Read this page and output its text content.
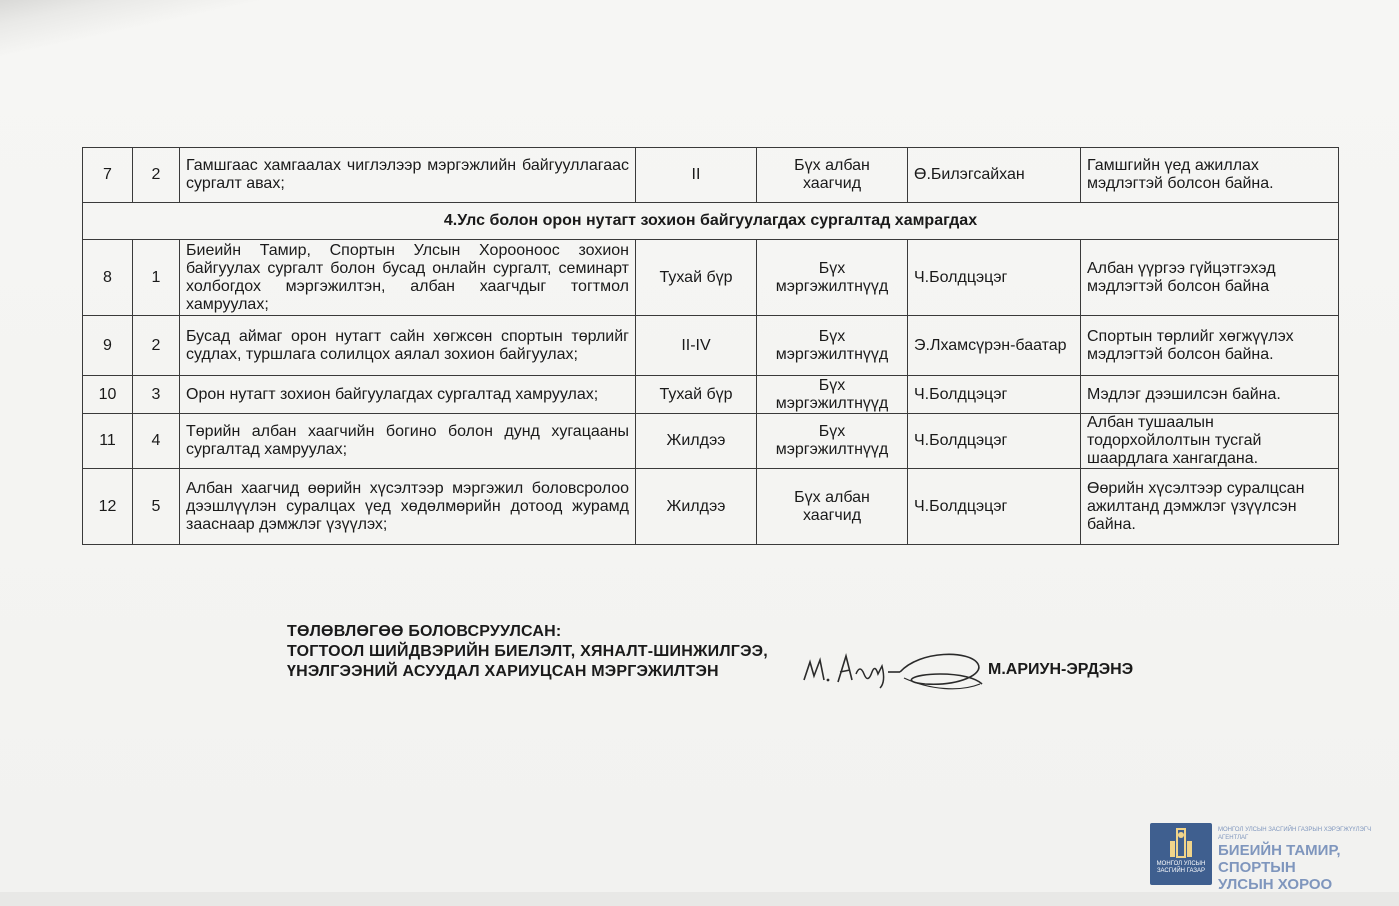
7	2	Гамшгаас хамгаалах чиглэлээр мэргэжлийн байгууллагаас сургалт авах;	II	Бүх албан хаагчид	Ө.Билэгсайхан	Гамшгийн үед ажиллах мэдлэгтэй болсон байна.
4.Улс болон орон нутагт зохион байгуулагдах сургалтад хамрагдах						
8	1	Биеийн Тамир, Спортын Улсын Хорооноос зохион байгуулах сургалт болон бусад онлайн сургалт, семинарт холбогдох мэргэжилтэн, албан хаагчдыг тогтмол хамруулах;	Тухай бүр	Бүх мэргэжилтнүүд	Ч.Болдцэцэг	Албан үүргээ гүйцэтгэхэд мэдлэгтэй болсон байна
9	2	Бусад аймаг орон нутагт сайн хөгжсөн спортын төрлийг судлах, туршлага солилцох аялал зохион байгуулах;	II-IV	Бүх мэргэжилтнүүд	Э.Лхамсүрэн-баатар	Спортын төрлийг хөгжүүлэх мэдлэгтэй болсон байна.
10	3	Орон нутагт зохион байгуулагдах сургалтад хамруулах;	Тухай бүр	Бүх мэргэжилтнүүд	Ч.Болдцэцэг	Мэдлэг дээшилсэн байна.
11	4	Төрийн албан хаагчийн богино болон дунд хугацааны сургалтад хамруулах;	Жилдээ	Бүх мэргэжилтнүүд	Ч.Болдцэцэг	Албан тушаалын тодорхойлолтын тусгай шаардлага хангагдана.
12	5	Албан хаагчид өөрийн хүсэлтээр мэргэжил боловсролоо дээшлүүлэн суралцах үед хөдөлмөрийн дотоод журамд зааснаар дэмжлэг үзүүлэх;	Жилдээ	Бүх албан хаагчид	Ч.Болдцэцэг	Өөрийн хүсэлтээр суралцсан ажилтанд дэмжлэг үзүүлсэн байна.
ТӨЛӨВЛӨГӨӨ БОЛОВСРУУЛСАН:
ТОГТООЛ ШИЙДВЭРИЙН БИЕЛЭЛТ, ХЯНАЛТ-ШИНЖИЛГЭЭ,
ҮНЭЛГЭЭНИЙ АСУУДАЛ ХАРИУЦСАН МЭРГЭЖИЛТЭН	М.АРИУН-ЭРДЭНЭ
МОНГОЛ УЛСЫН ЗАСГИЙН ГАЗАР
МОНГОЛ УЛСЫН ЗАСГИЙН ГАЗРЫН ХЭРЭГЖҮҮЛЭГЧ АГЕНТЛАГ
БИЕИЙН ТАМИР, СПОРТЫН
УЛСЫН ХОРОО
